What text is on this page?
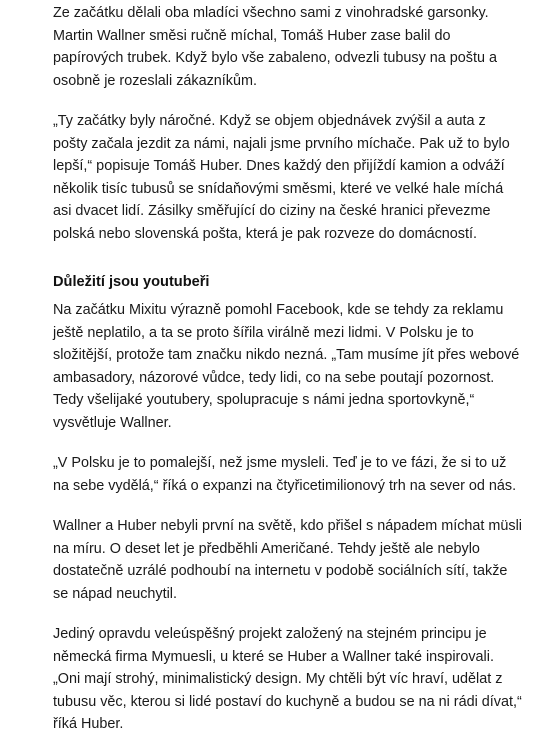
Ze začátku dělali oba mladíci všechno sami z vinohradské garsonky. Martin Wallner směsi ručně míchal, Tomáš Huber zase balil do papírových trubek. Když bylo vše zabaleno, odvezli tubusy na poštu a osobně je rozeslali zákazníkům.

„Ty začátky byly náročné. Když se objem objednávek zvýšil a auta z pošty začala jezdit za námi, najali jsme prvního míchače. Pak už to bylo lepší,“ popisuje Tomáš Huber. Dnes každý den přijíždí kamion a odváží několik tisíc tubusů se snídaňovými směsmi, které ve velké hale míchá asi dvacet lidí. Zásilky směřující do ciziny na české hranici převezme polská nebo slovenská pošta, která je pak rozveze do domácností.

Důležití jsou youtubeři

Na začátku Mixitu výrazně pomohl Facebook, kde se tehdy za reklamu ještě neplatilo, a ta se proto šířila virálně mezi lidmi. V Polsku je to složitější, protože tam značku nikdo nezná. „Tam musíme jít přes webové ambasadory, názorové vůdce, tedy lidi, co na sebe poutají pozornost. Tedy všelijaké youtubery, spolupracuje s námi jedna sportovkyně,“ vysvětluje Wallner.

„V Polsku je to pomalejší, než jsme mysleli. Teď je to ve fázi, že si to už na sebe vydělá,“ říká o expanzi na čtyřicetimilionový trh na sever od nás.

Wallner a Huber nebyli první na světě, kdo přišel s nápadem míchat müsli na míru. O deset let je předběhli Američané. Tehdy ještě ale nebylo dostatečně uzrálé podhoubí na internetu v podobě sociálních sítí, takže se nápad neuchytil.

Jediný opravdu veleúspěšný projekt založený na stejném principu je německá firma Mymuesli, u které se Huber a Wallner také inspirovali. „Oni mají strohý, minimalistický design. My chtěli být víc hraví, udělat z tubusu věc, kterou si lidé postaví do kuchyně a budou se na ni rádi dívat,“ říká Huber.
